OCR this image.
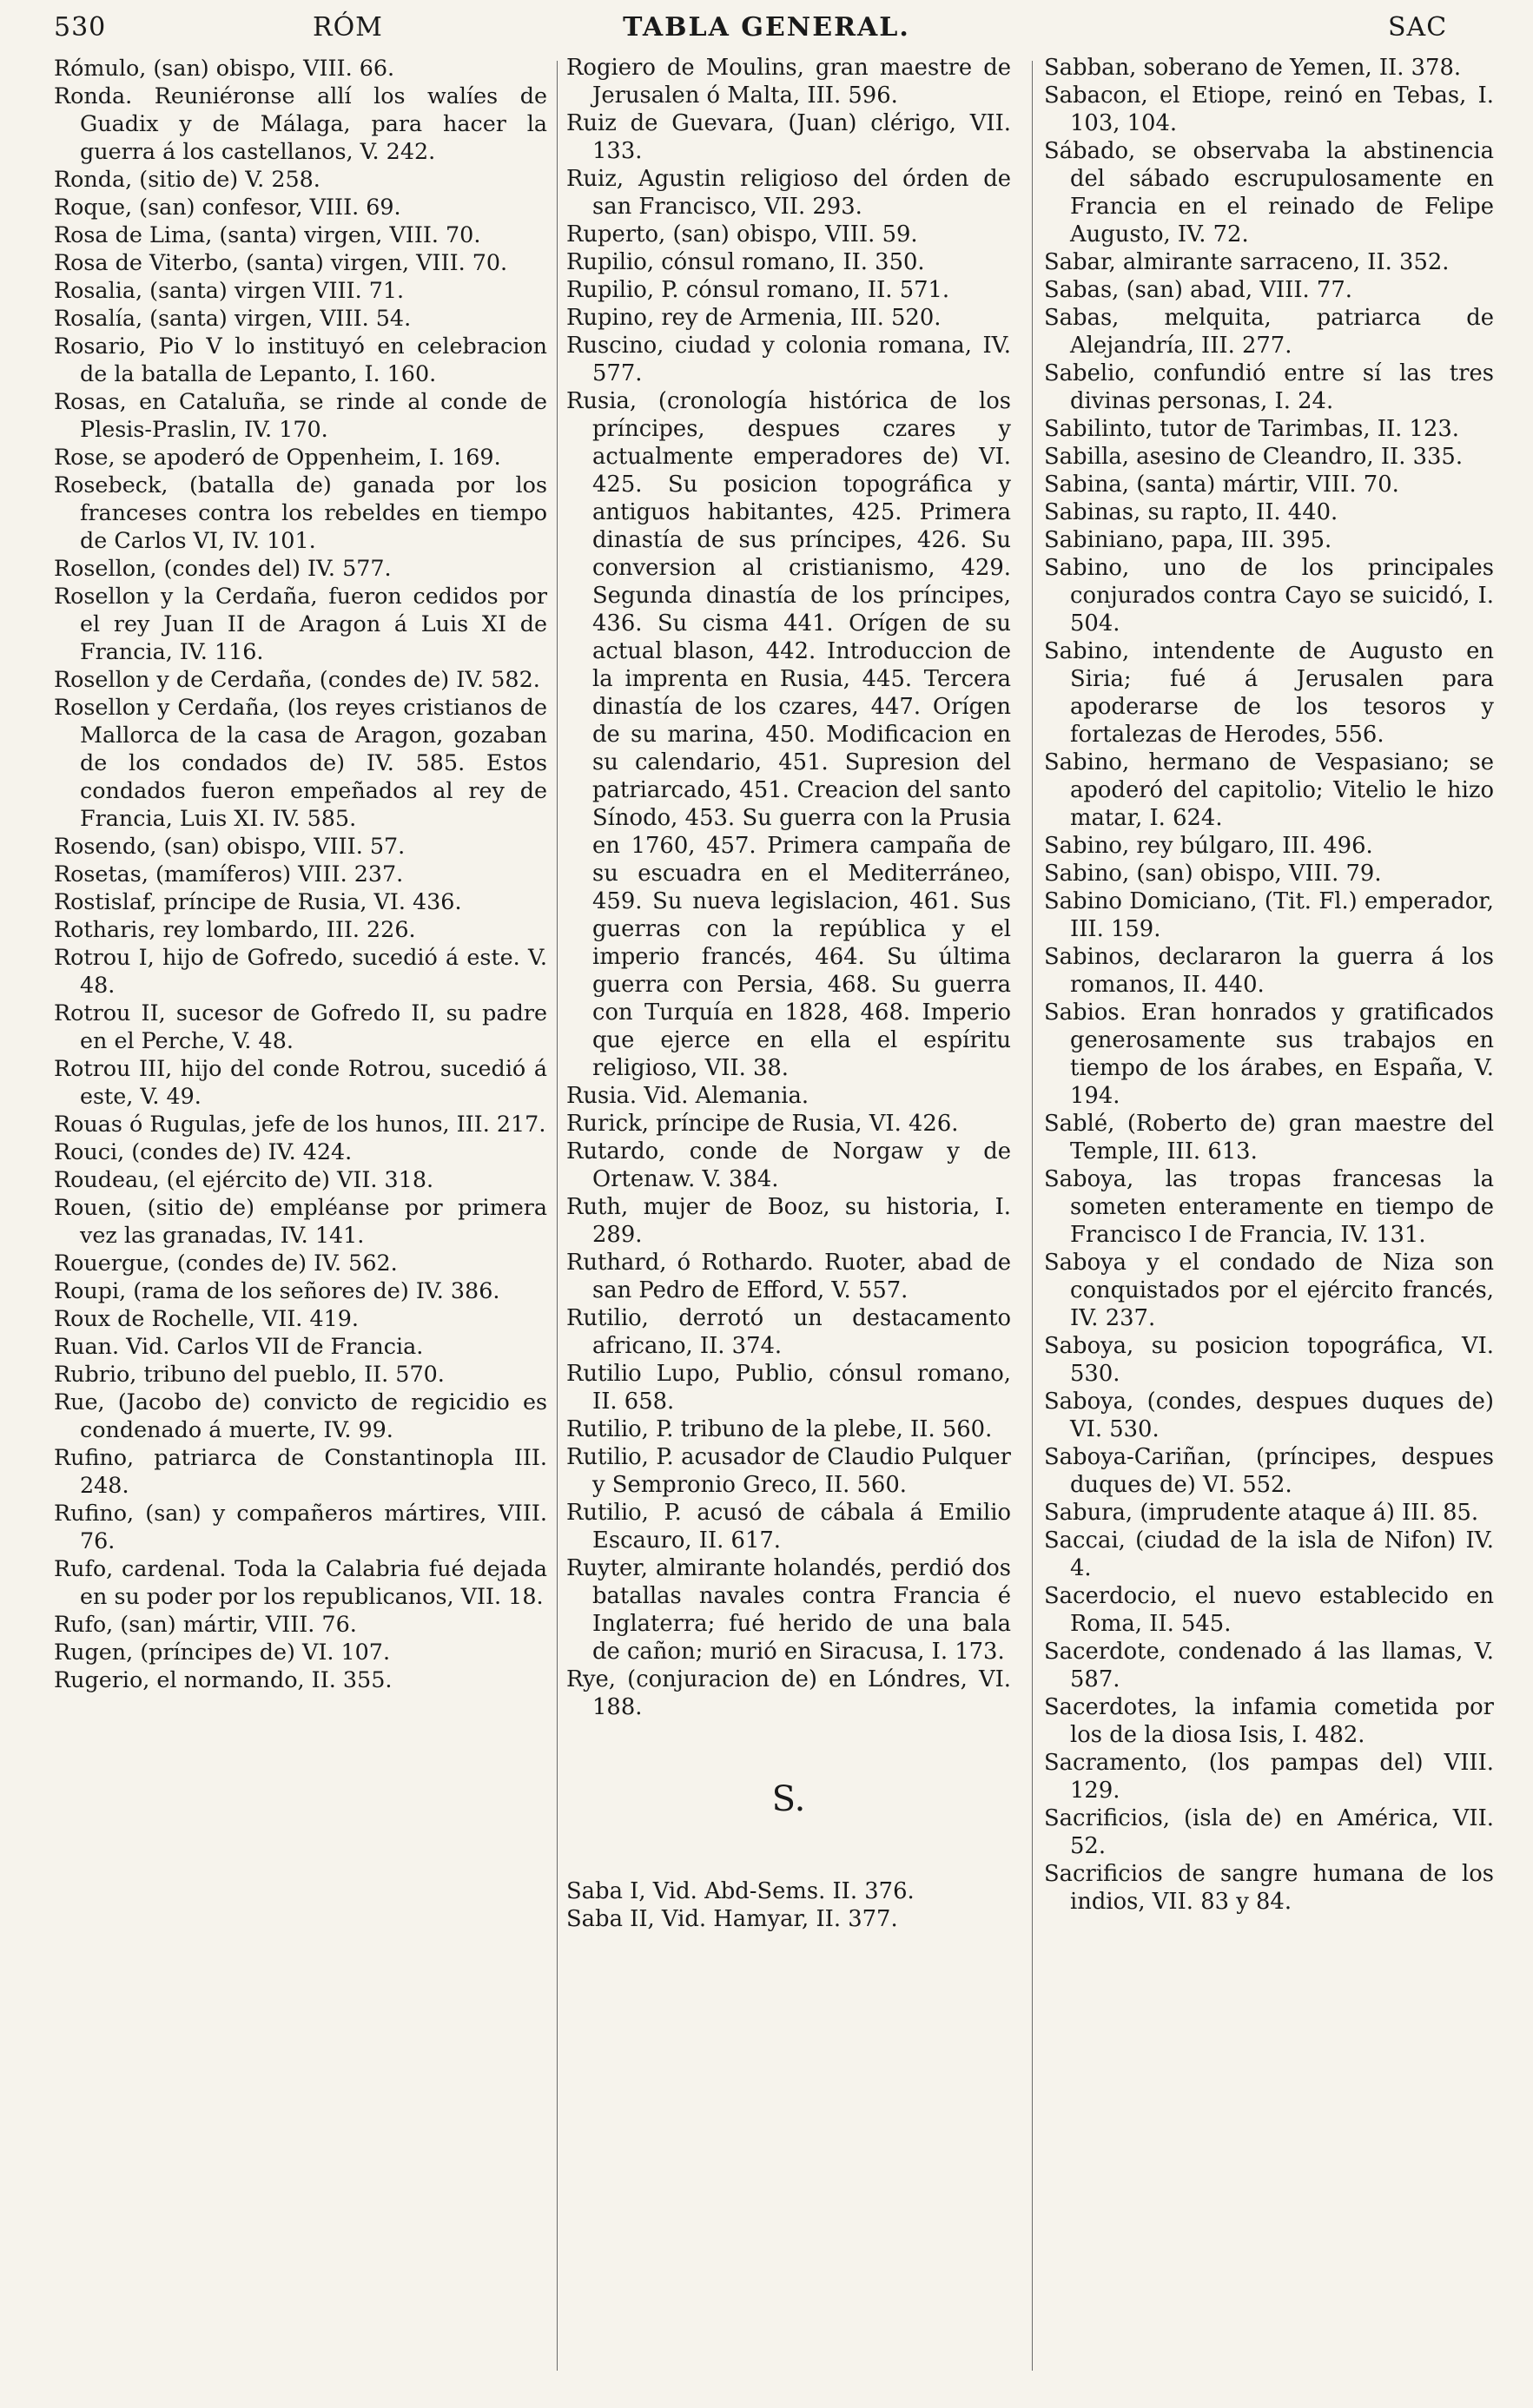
530	RÓM	TABLA GENERAL.	SAC

Rómulo, (san) obispo, VIII. 66.

Ronda. Reuniéronse allí los walíes de Guadix y de Málaga, para hacer la guerra á los castellanos, V. 242.

Ronda, (sitio de) V. 258.

Roque, (san) confesor, VIII. 69.

Rosa de Lima, (santa) virgen, VIII. 70.

Rosa de Viterbo, (santa) virgen, VIII. 70.

Rosalia, (santa) virgen VIII. 71.

Rosalía, (santa) virgen, VIII. 54.

Rosario, Pio V lo instituyó en celebracion de la batalla de Lepanto, I. 160.

Rosas, en Cataluña, se rinde al conde de Plesis-Praslin, IV. 170.

Rose, se apoderó de Oppenheim, I. 169.

Rosebeck, (batalla de) ganada por los franceses contra los rebeldes en tiempo de Carlos VI, IV. 101.

Rosellon, (condes del) IV. 577.

Rosellon y la Cerdaña, fueron cedidos por el rey Juan II de Aragon á Luis XI de Francia, IV. 116.

Rosellon y de Cerdaña, (condes de) IV. 582.

Rosellon y Cerdaña, (los reyes cristianos de Mallorca de la casa de Aragon, gozaban de los condados de) IV. 585. Estos condados fueron empeñados al rey de Francia, Luis XI. IV. 585.

Rosendo, (san) obispo, VIII. 57.

Rosetas, (mamíferos) VIII. 237.

Rostislaf, príncipe de Rusia, VI. 436.

Rotharis, rey lombardo, III. 226.

Rotrou I, hijo de Gofredo, sucedió á este. V. 48.

Rotrou II, sucesor de Gofredo II, su padre en el Perche, V. 48.

Rotrou III, hijo del conde Rotrou, sucedió á este, V. 49.

Rouas ó Rugulas, jefe de los hunos, III. 217.

Rouci, (condes de) IV. 424.

Roudeau, (el ejército de) VII. 318.

Rouen, (sitio de) empléanse por primera vez las granadas, IV. 141.

Rouergue, (condes de) IV. 562.

Roupi, (rama de los señores de) IV. 386.

Roux de Rochelle, VII. 419.

Ruan. Vid. Carlos VII de Francia.

Rubrio, tribuno del pueblo, II. 570.

Rue, (Jacobo de) convicto de regicidio es condenado á muerte, IV. 99.

Rufino, patriarca de Constantinopla III. 248.

Rufino, (san) y compañeros mártires, VIII. 76.

Rufo, cardenal. Toda la Calabria fué dejada en su poder por los republicanos, VII. 18.

Rufo, (san) mártir, VIII. 76.

Rugen, (príncipes de) VI. 107.

Rugerio, el normando, II. 355.

Rogiero de Moulins, gran maestre de Jerusalen ó Malta, III. 596.

Ruiz de Guevara, (Juan) clérigo, VII. 133.

Ruiz, Agustin religioso del órden de san Francisco, VII. 293.

Ruperto, (san) obispo, VIII. 59.

Rupilio, cónsul romano, II. 350.

Rupilio, P. cónsul romano, II. 571.

Rupino, rey de Armenia, III. 520.

Ruscino, ciudad y colonia romana, IV. 577.

Rusia, (cronología histórica de los príncipes, despues czares y actualmente emperadores de) VI. 425. Su posicion topográfica y antiguos habitantes, 425. Primera dinastía de sus príncipes, 426. Su conversion al cristianismo, 429. Segunda dinastía de los príncipes, 436. Su cisma 441. Orígen de su actual blason, 442. Introduccion de la imprenta en Rusia, 445. Tercera dinastía de los czares, 447. Orígen de su marina, 450. Modificacion en su calendario, 451. Supresion del patriarcado, 451. Creacion del santo Sínodo, 453. Su guerra con la Prusia en 1760, 457. Primera campaña de su escuadra en el Mediterráneo, 459. Su nueva legislacion, 461. Sus guerras con la república y el imperio francés, 464. Su última guerra con Persia, 468. Su guerra con Turquía en 1828, 468. Imperio que ejerce en ella el espíritu religioso, VII. 38.

Rusia. Vid. Alemania.

Rurick, príncipe de Rusia, VI. 426.

Rutardo, conde de Norgaw y de Ortenaw. V. 384.

Ruth, mujer de Booz, su historia, I. 289.

Ruthard, ó Rothardo. Ruoter, abad de san Pedro de Efford, V. 557.

Rutilio, derrotó un destacamento africano, II. 374.

Rutilio Lupo, Publio, cónsul romano, II. 658.

Rutilio, P. tribuno de la plebe, II. 560.

Rutilio, P. acusador de Claudio Pulquer y Sempronio Greco, II. 560.

Rutilio, P. acusó de cábala á Emilio Escauro, II. 617.

Ruyter, almirante holandés, perdió dos batallas navales contra Francia é Inglaterra; fué herido de una bala de cañon; murió en Siracusa, I. 173.

Rye, (conjuracion de) en Lóndres, VI. 188.

S.

Saba I, Vid. Abd-Sems. II. 376.

Saba II, Vid. Hamyar, II. 377.

Sabban, soberano de Yemen, II. 378.

Sabacon, el Etiope, reinó en Tebas, I. 103, 104.

Sábado, se observaba la abstinencia del sábado escrupulosamente en Francia en el reinado de Felipe Augusto, IV. 72.

Sabar, almirante sarraceno, II. 352.

Sabas, (san) abad, VIII. 77.

Sabas, melquita, patriarca de Alejandría, III. 277.

Sabelio, confundió entre sí las tres divinas personas, I. 24.

Sabilinto, tutor de Tarimbas, II. 123.

Sabilla, asesino de Cleandro, II. 335.

Sabina, (santa) mártir, VIII. 70.

Sabinas, su rapto, II. 440.

Sabiniano, papa, III. 395.

Sabino, uno de los principales conjurados contra Cayo se suicidó, I. 504.

Sabino, intendente de Augusto en Siria; fué á Jerusalen para apoderarse de los tesoros y fortalezas de Herodes, 556.

Sabino, hermano de Vespasiano; se apoderó del capitolio; Vitelio le hizo matar, I. 624.

Sabino, rey búlgaro, III. 496.

Sabino, (san) obispo, VIII. 79.

Sabino Domiciano, (Tit. Fl.) emperador, III. 159.

Sabinos, declararon la guerra á los romanos, II. 440.

Sabios. Eran honrados y gratificados generosamente sus trabajos en tiempo de los árabes, en España, V. 194.

Sablé, (Roberto de) gran maestre del Temple, III. 613.

Saboya, las tropas francesas la someten enteramente en tiempo de Francisco I de Francia, IV. 131.

Saboya y el condado de Niza son conquistados por el ejército francés, IV. 237.

Saboya, su posicion topográfica, VI. 530.

Saboya, (condes, despues duques de) VI. 530.

Saboya-Cariñan, (príncipes, despues duques de) VI. 552.

Sabura, (imprudente ataque á) III. 85.

Saccai, (ciudad de la isla de Nifon) IV. 4.

Sacerdocio, el nuevo establecido en Roma, II. 545.

Sacerdote, condenado á las llamas, V. 587.

Sacerdotes, la infamia cometida por los de la diosa Isis, I. 482.

Sacramento, (los pampas del) VIII. 129.

Sacrificios, (isla de) en América, VII. 52.

Sacrificios de sangre humana de los indios, VII. 83 y 84.
